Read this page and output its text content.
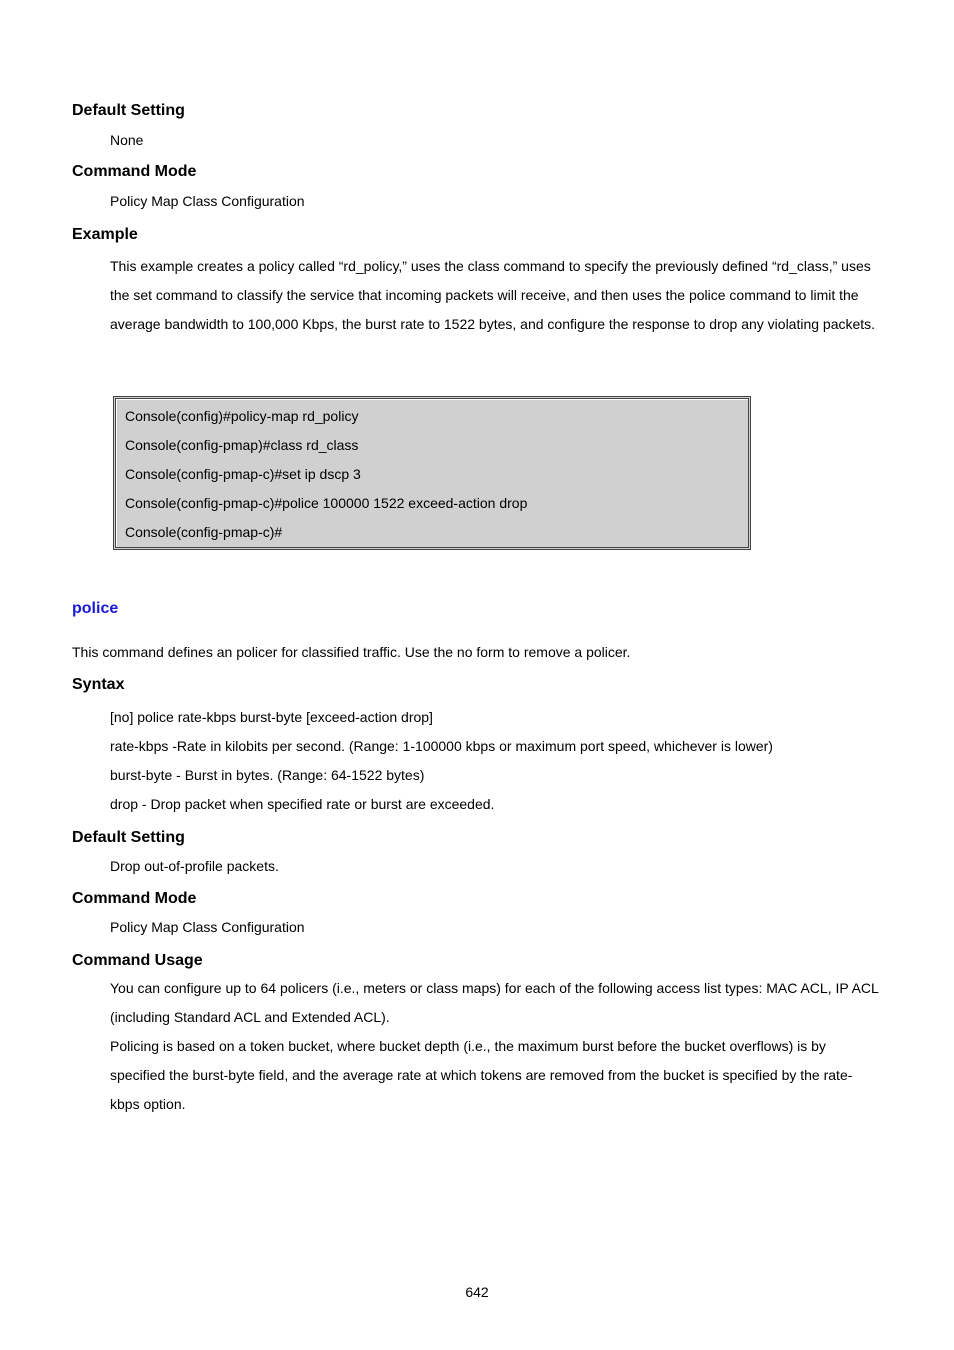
Default Setting
None
Command Mode
Policy Map Class Configuration
Example
This example creates a policy called “rd_policy,” uses the class command to specify the previously defined “rd_class,” uses the set command to classify the service that incoming packets will receive, and then uses the police command to limit the average bandwidth to 100,000 Kbps, the burst rate to 1522 bytes, and configure the response to drop any violating packets.
Console(config)#policy-map rd_policy
Console(config-pmap)#class rd_class
Console(config-pmap-c)#set ip dscp 3
Console(config-pmap-c)#police 100000 1522 exceed-action drop
Console(config-pmap-c)#
police
This command defines an policer for classified traffic. Use the no form to remove a policer.
Syntax
[no] police rate-kbps burst-byte [exceed-action drop]
rate-kbps -Rate in kilobits per second. (Range: 1-100000 kbps or maximum port speed, whichever is lower)
burst-byte - Burst in bytes. (Range: 64-1522 bytes)
drop - Drop packet when specified rate or burst are exceeded.
Default Setting
Drop out-of-profile packets.
Command Mode
Policy Map Class Configuration
Command Usage
You can configure up to 64 policers (i.e., meters or class maps) for each of the following access list types: MAC ACL, IP ACL (including Standard ACL and Extended ACL).
Policing is based on a token bucket, where bucket depth (i.e., the maximum burst before the bucket overflows) is by specified the burst-byte field, and the average rate at which tokens are removed from the bucket is specified by the rate-kbps option.
642
